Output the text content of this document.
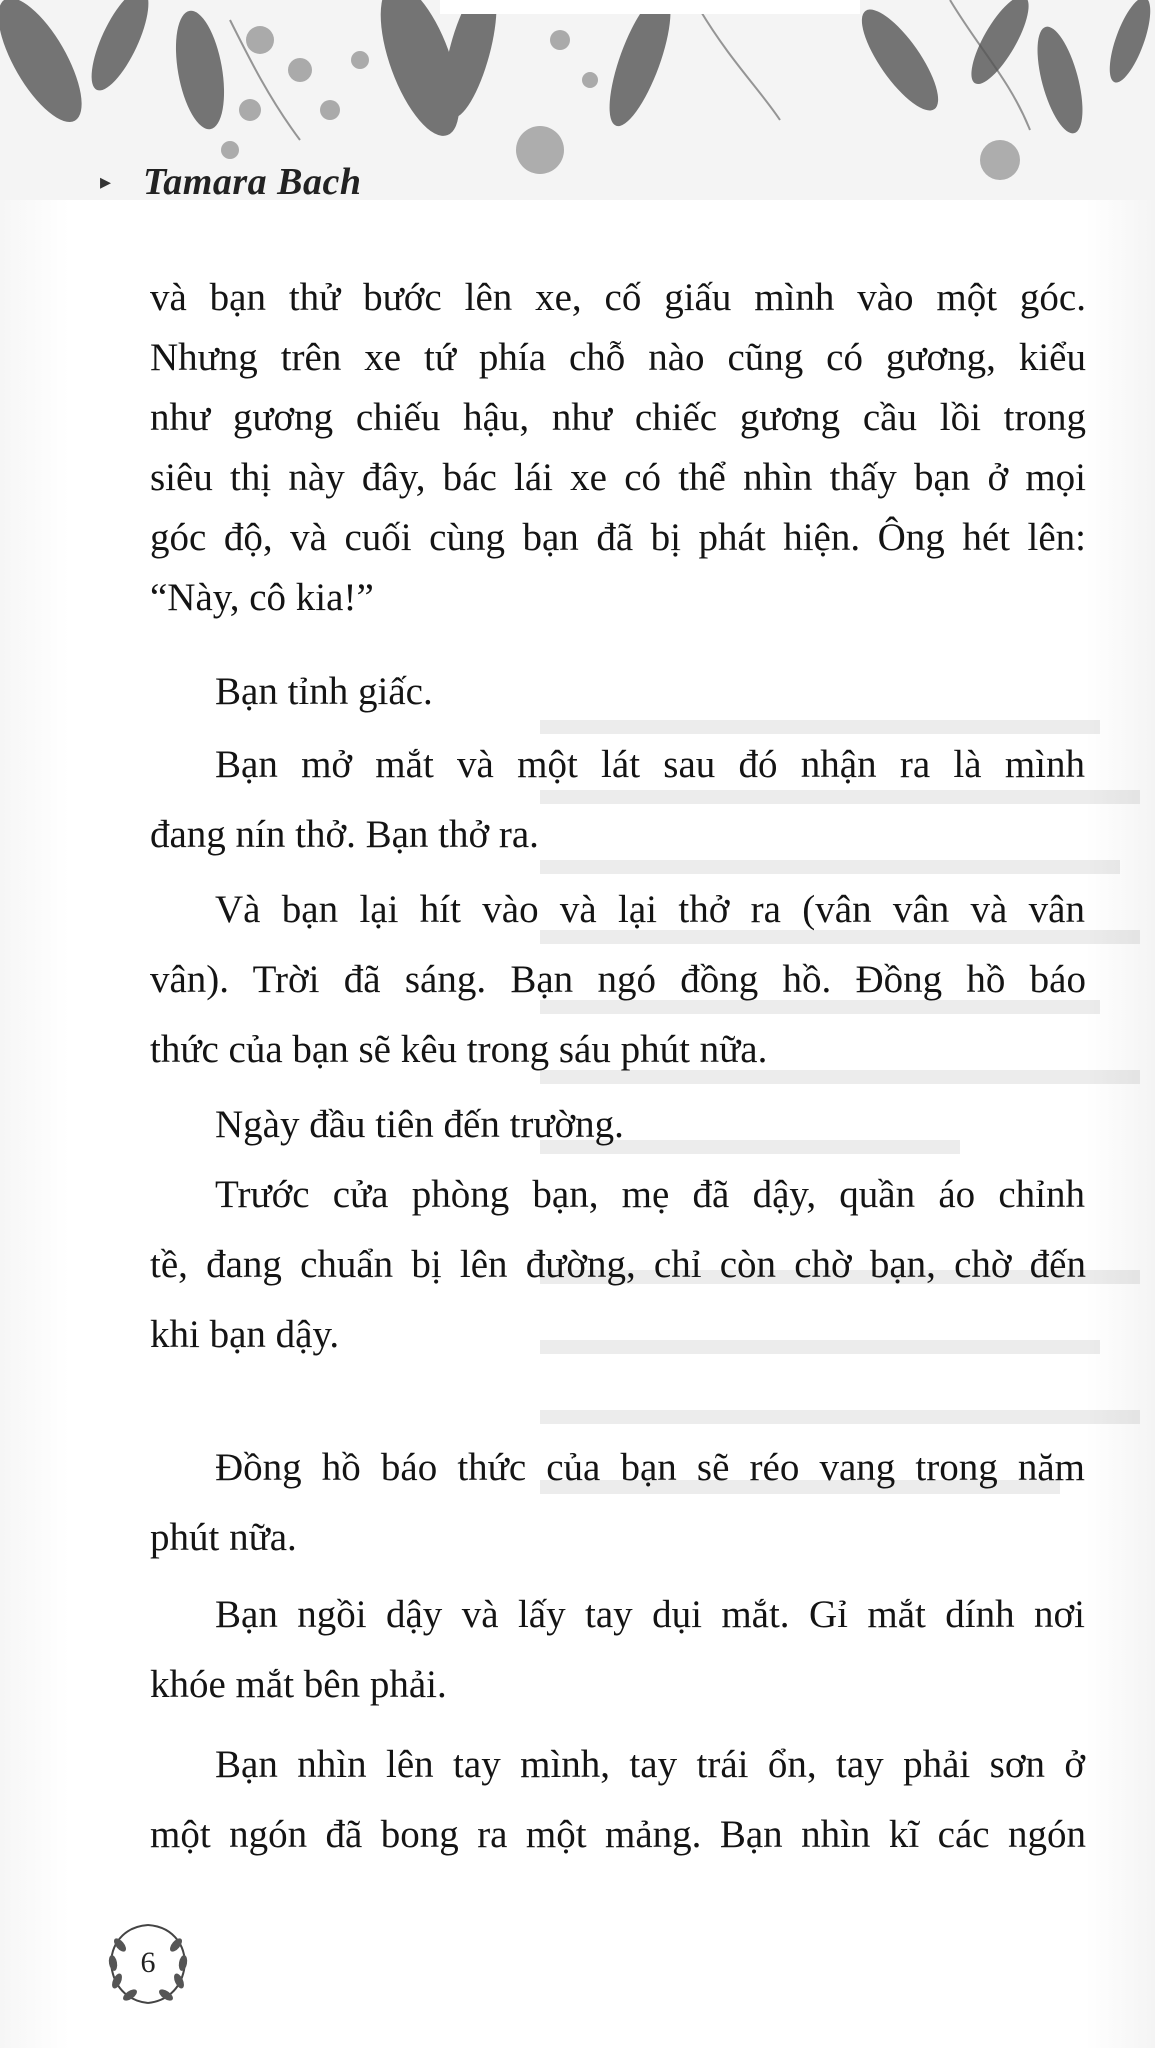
▸ Tamara Bach
và bạn thử bước lên xe, cố giấu mình vào một góc.
Nhưng trên xe tứ phía chỗ nào cũng có gương, kiểu
như gương chiếu hậu, như chiếc gương cầu lồi trong
siêu thị này đây, bác lái xe có thể nhìn thấy bạn ở mọi
góc độ, và cuối cùng bạn đã bị phát hiện. Ông hét lên:
“Này, cô kia!”
Bạn tỉnh giấc.
Bạn mở mắt và một lát sau đó nhận ra là mình
đang nín thở. Bạn thở ra.
Và bạn lại hít vào và lại thở ra (vân vân và vân
vân). Trời đã sáng. Bạn ngó đồng hồ. Đồng hồ báo
thức của bạn sẽ kêu trong sáu phút nữa.
Ngày đầu tiên đến trường.
Trước cửa phòng bạn, mẹ đã dậy, quần áo chỉnh
tề, đang chuẩn bị lên đường, chỉ còn chờ bạn, chờ đến
khi bạn dậy.
Đồng hồ báo thức của bạn sẽ réo vang trong năm
phút nữa.
Bạn ngồi dậy và lấy tay dụi mắt. Gỉ mắt dính nơi
khóe mắt bên phải.
Bạn nhìn lên tay mình, tay trái ổn, tay phải sơn ở
một ngón đã bong ra một mảng. Bạn nhìn kĩ các ngón
6
